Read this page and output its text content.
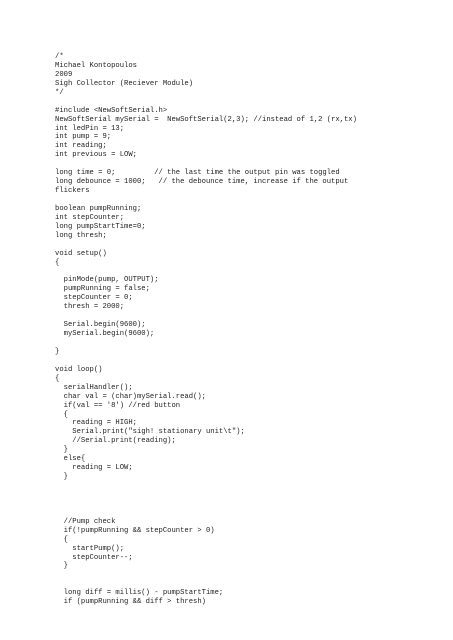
/*
Michael Kontopoulos
2009
Sigh Collector (Reciever Module)
*/
#include <NewSoftSerial.h>
NewSoftSerial mySerial =  NewSoftSerial(2,3); //instead of 1,2 (rx,tx)
int ledPin = 13;
int pump = 9;
int reading;
int previous = LOW;
long time = 0;         // the last time the output pin was toggled
long debounce = 1000;   // the debounce time, increase if the output
flickers
boolean pumpRunning;
int stepCounter;
long pumpStartTime=0;
long thresh;
void setup()
{
pinMode(pump, OUTPUT);
pumpRunning = false;
stepCounter = 0;
thresh = 2000;
Serial.begin(9600);
mySerial.begin(9600);
}
void loop()
{
serialHandler();
char val = (char)mySerial.read();
if(val == '8') //red button
{
reading = HIGH;
Serial.print("sigh! stationary unit\t");
//Serial.print(reading);
}
else{
reading = LOW;
}
//Pump check
if(!pumpRunning && stepCounter > 0)
{
startPump();
stepCounter--;
}
long diff = millis() - pumpStartTime;
if (pumpRunning && diff > thresh)
